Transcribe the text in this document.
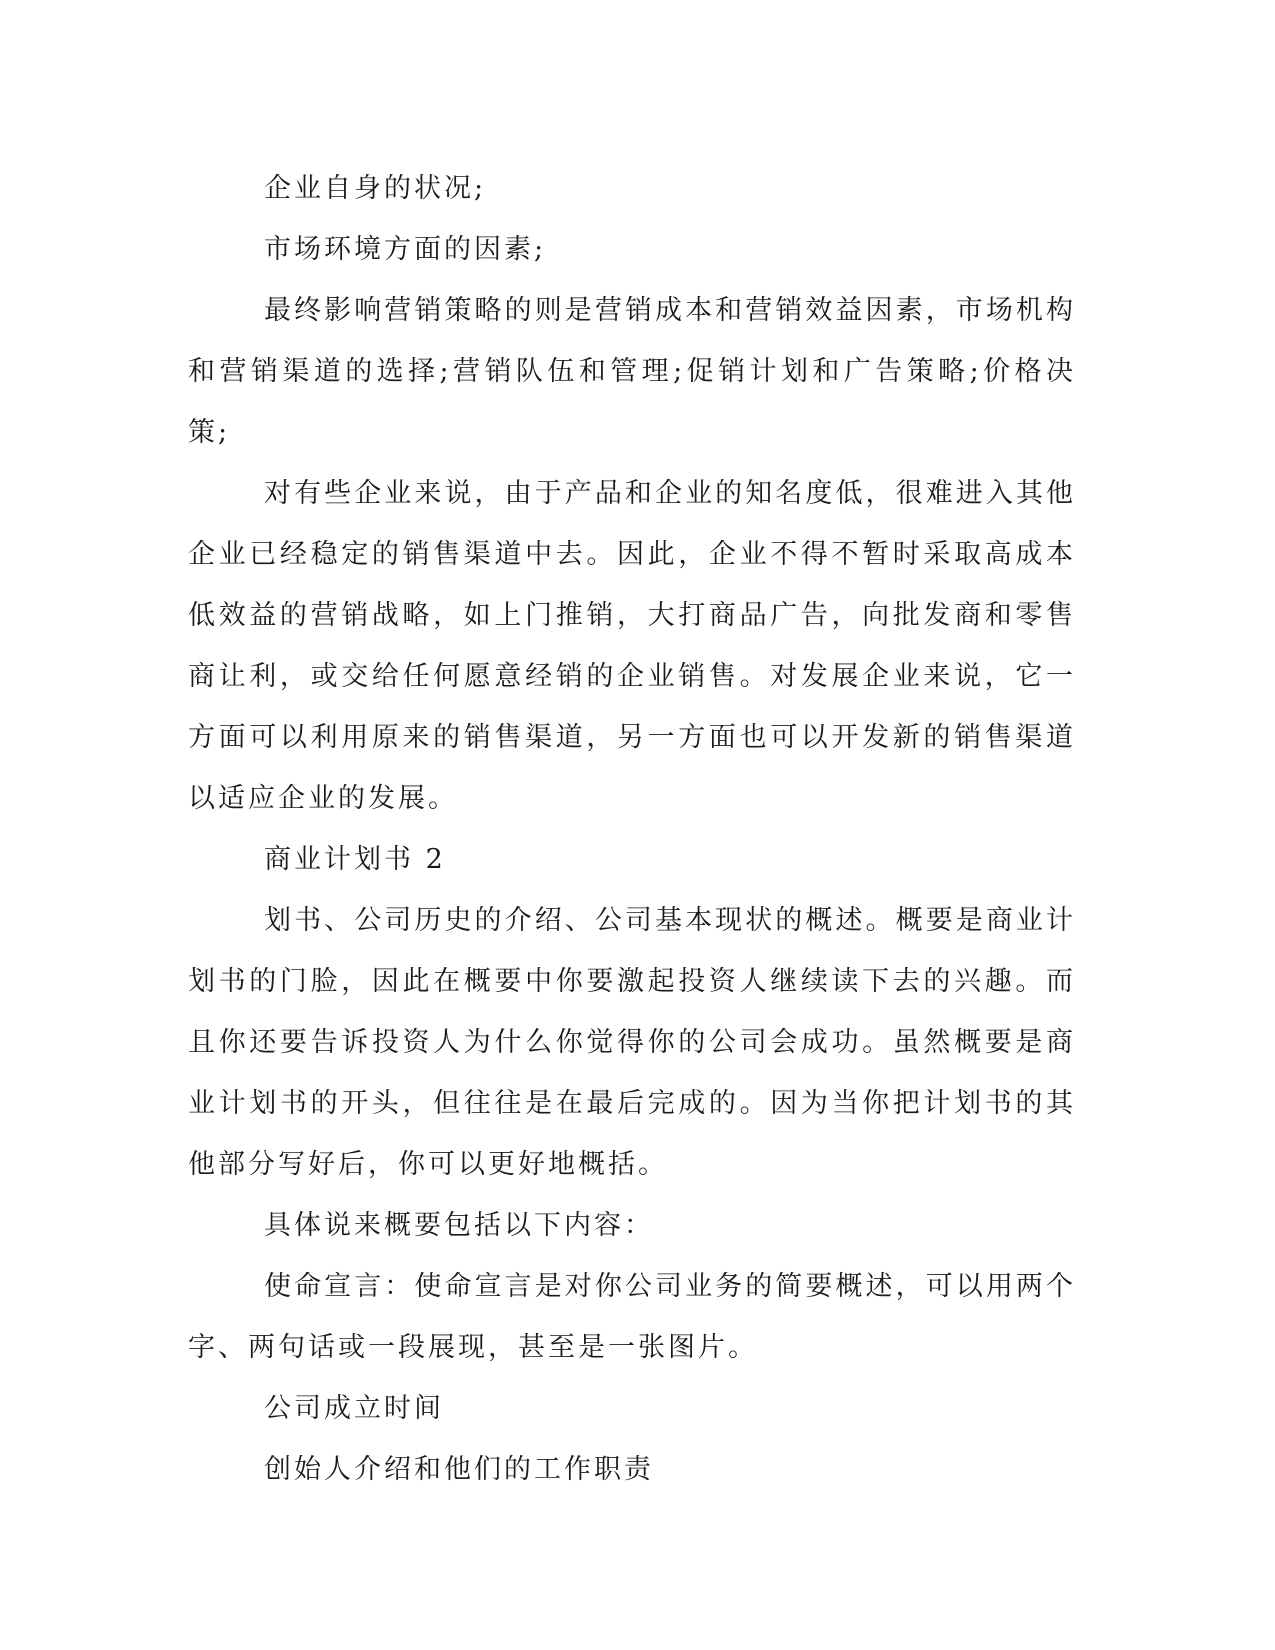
企业自身的状况;

市场环境方面的因素;

最终影响营销策略的则是营销成本和营销效益因素，市场机构和营销渠道的选择;营销队伍和管理;促销计划和广告策略;价格决策;

对有些企业来说，由于产品和企业的知名度低，很难进入其他企业已经稳定的销售渠道中去。因此，企业不得不暂时采取高成本低效益的营销战略，如上门推销，大打商品广告，向批发商和零售商让利，或交给任何愿意经销的企业销售。对发展企业来说，它一方面可以利用原来的销售渠道，另一方面也可以开发新的销售渠道以适应企业的发展。

商业计划书 2

划书、公司历史的介绍、公司基本现状的概述。概要是商业计划书的门脸，因此在概要中你要激起投资人继续读下去的兴趣。而且你还要告诉投资人为什么你觉得你的公司会成功。虽然概要是商业计划书的开头，但往往是在最后完成的。因为当你把计划书的其他部分写好后，你可以更好地概括。

具体说来概要包括以下内容：

使命宣言：使命宣言是对你公司业务的简要概述，可以用两个字、两句话或一段展现，甚至是一张图片。

公司成立时间

创始人介绍和他们的工作职责
